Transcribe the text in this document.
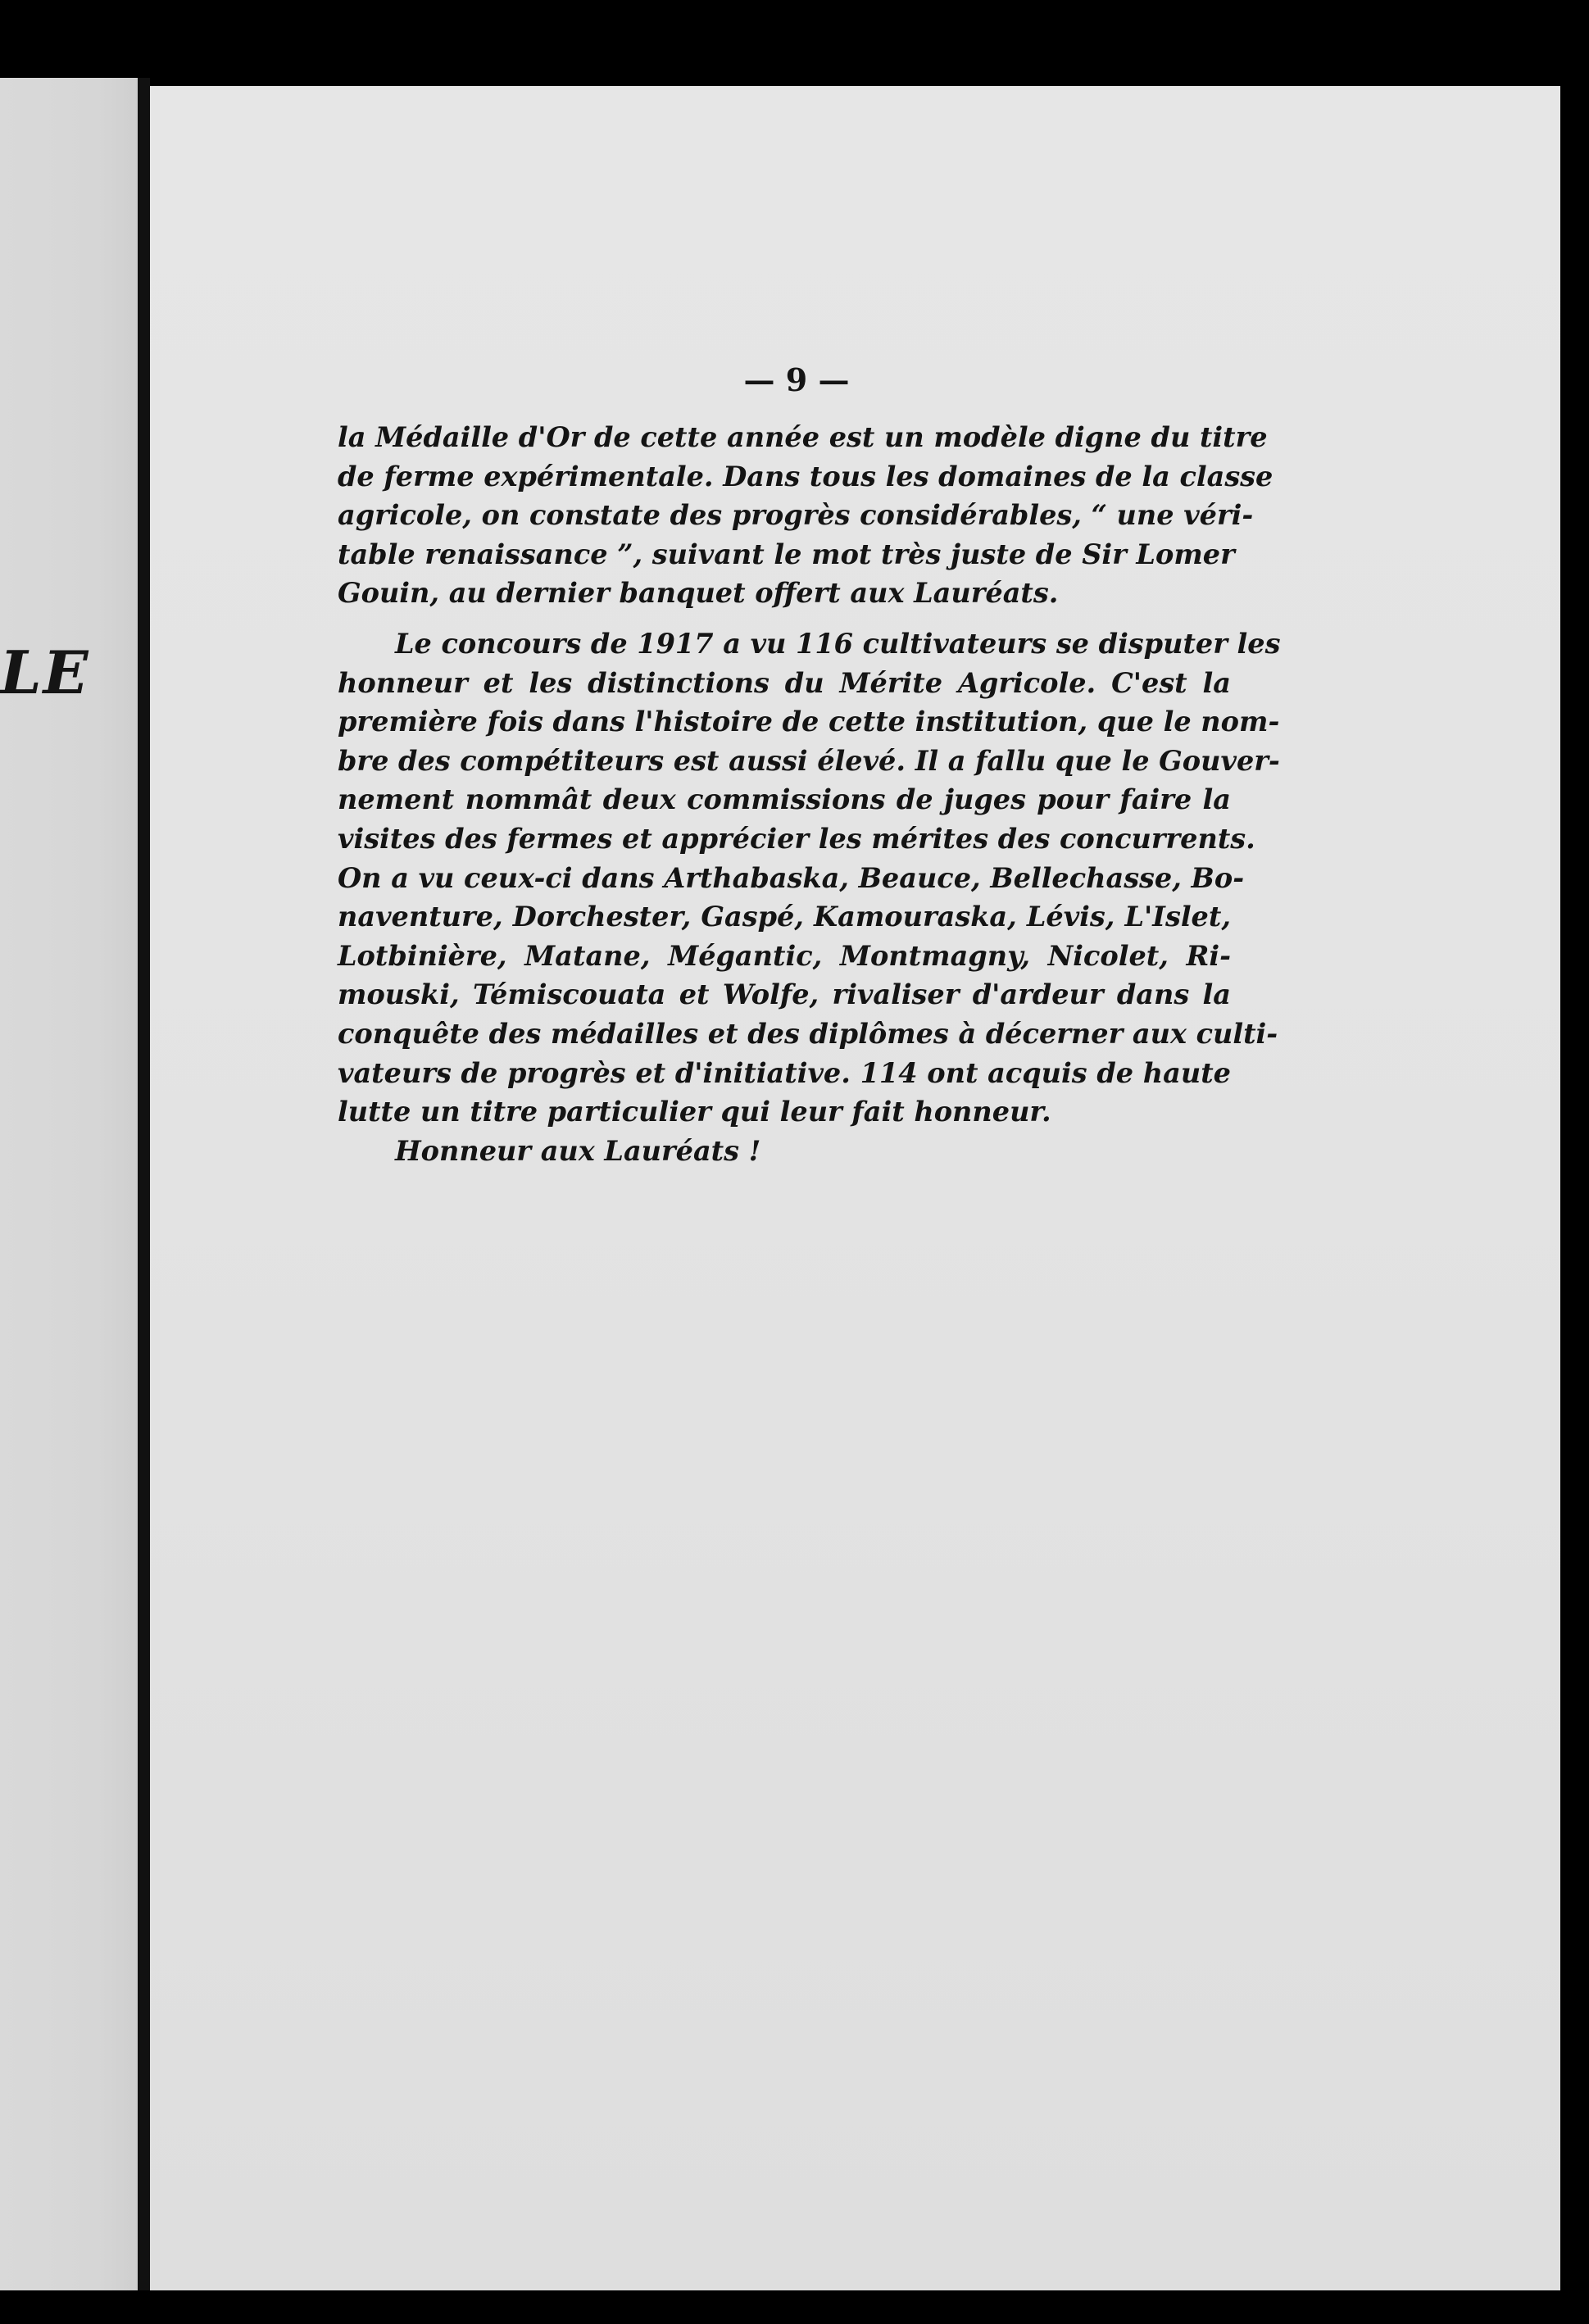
LE
— 9 —
la Médaille d'Or de cette année est un modèle digne du titre
de ferme expérimentale. Dans tous les domaines de la classe
agricole, on constate des progrès considérables, “ une véri-
table renaissance ”, suivant le mot très juste de Sir Lomer
Gouin, au dernier banquet offert aux Lauréats.
Le concours de 1917 a vu 116 cultivateurs se disputer les
honneur et les distinctions du Mérite Agricole. C'est la
première fois dans l'histoire de cette institution, que le nom-
bre des compétiteurs est aussi élevé. Il a fallu que le Gouver-
nement nommât deux commissions de juges pour faire la
visites des fermes et apprécier les mérites des concurrents.
On a vu ceux-ci dans Arthabaska, Beauce, Bellechasse, Bo-
naventure, Dorchester, Gaspé, Kamouraska, Lévis, L'Islet,
Lotbinière, Matane, Mégantic, Montmagny, Nicolet, Ri-
mouski, Témiscouata et Wolfe, rivaliser d'ardeur dans la
conquête des médailles et des diplômes à décerner aux culti-
vateurs de progrès et d'initiative. 114 ont acquis de haute
lutte un titre particulier qui leur fait honneur.
Honneur aux Lauréats !
